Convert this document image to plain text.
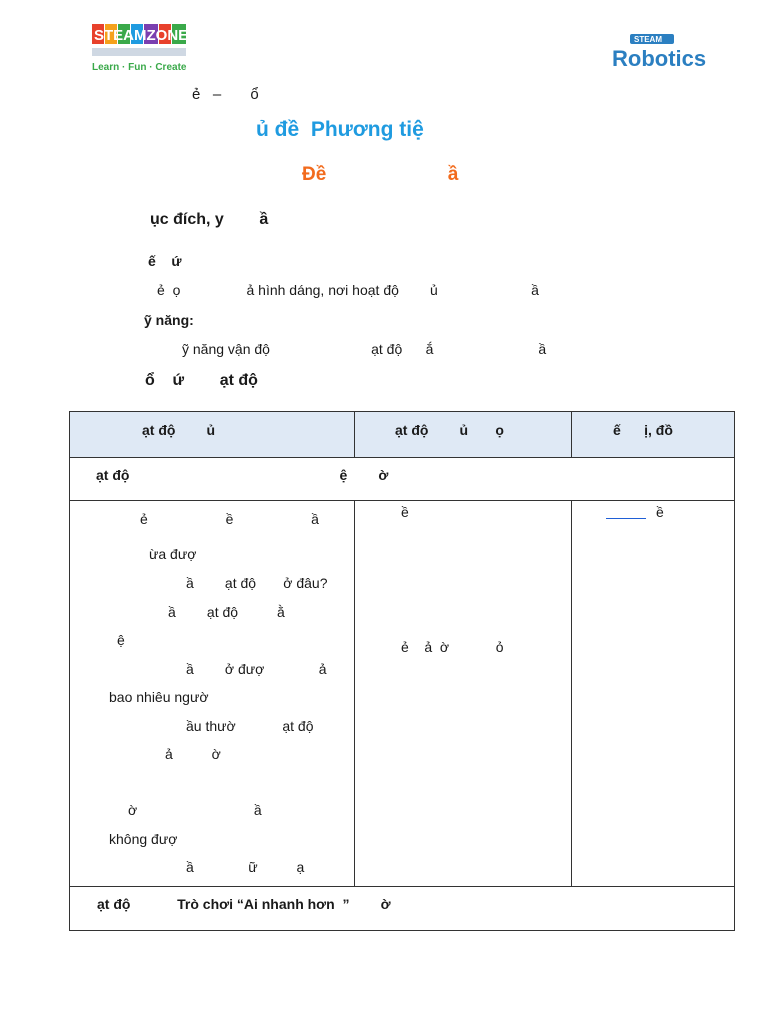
STEAMZONE ALL
Learn · Fun · Create
STEAM
Robotics
ẻ   –       ổ
ủ đề  Phương tiệ
Đề                       ầ
ục đích, y        ầ
ế    ứ
ẻ  ọ                 ả hình dáng, nơi hoạt độ        ủ                        ầ
ỹ năng:
ỹ năng vận độ                          ạt độ      ắ                           ầ
ổ    ứ        ạt độ
ạt độ        ủ	ạt độ        ủ       ọ	ế      ị, đồ
ạt độ                                                      ệ        ờ
ẻ                    ề                    ầ
ừa đượ
ầ        ạt độ       ở đâu?
ầ        ạt độ          ằ
ệ
ầ        ở đượ              ả
bao nhiêu ngườ
ầu thườ            ạt độ
ả          ờ
ờ                              ầ
không đượ
ầ              ữ          ạ
ề
ẻ    ả  ờ            ỏ
ề
ạt độ            Trò chơi “Ai nhanh hơn  ”        ờ
